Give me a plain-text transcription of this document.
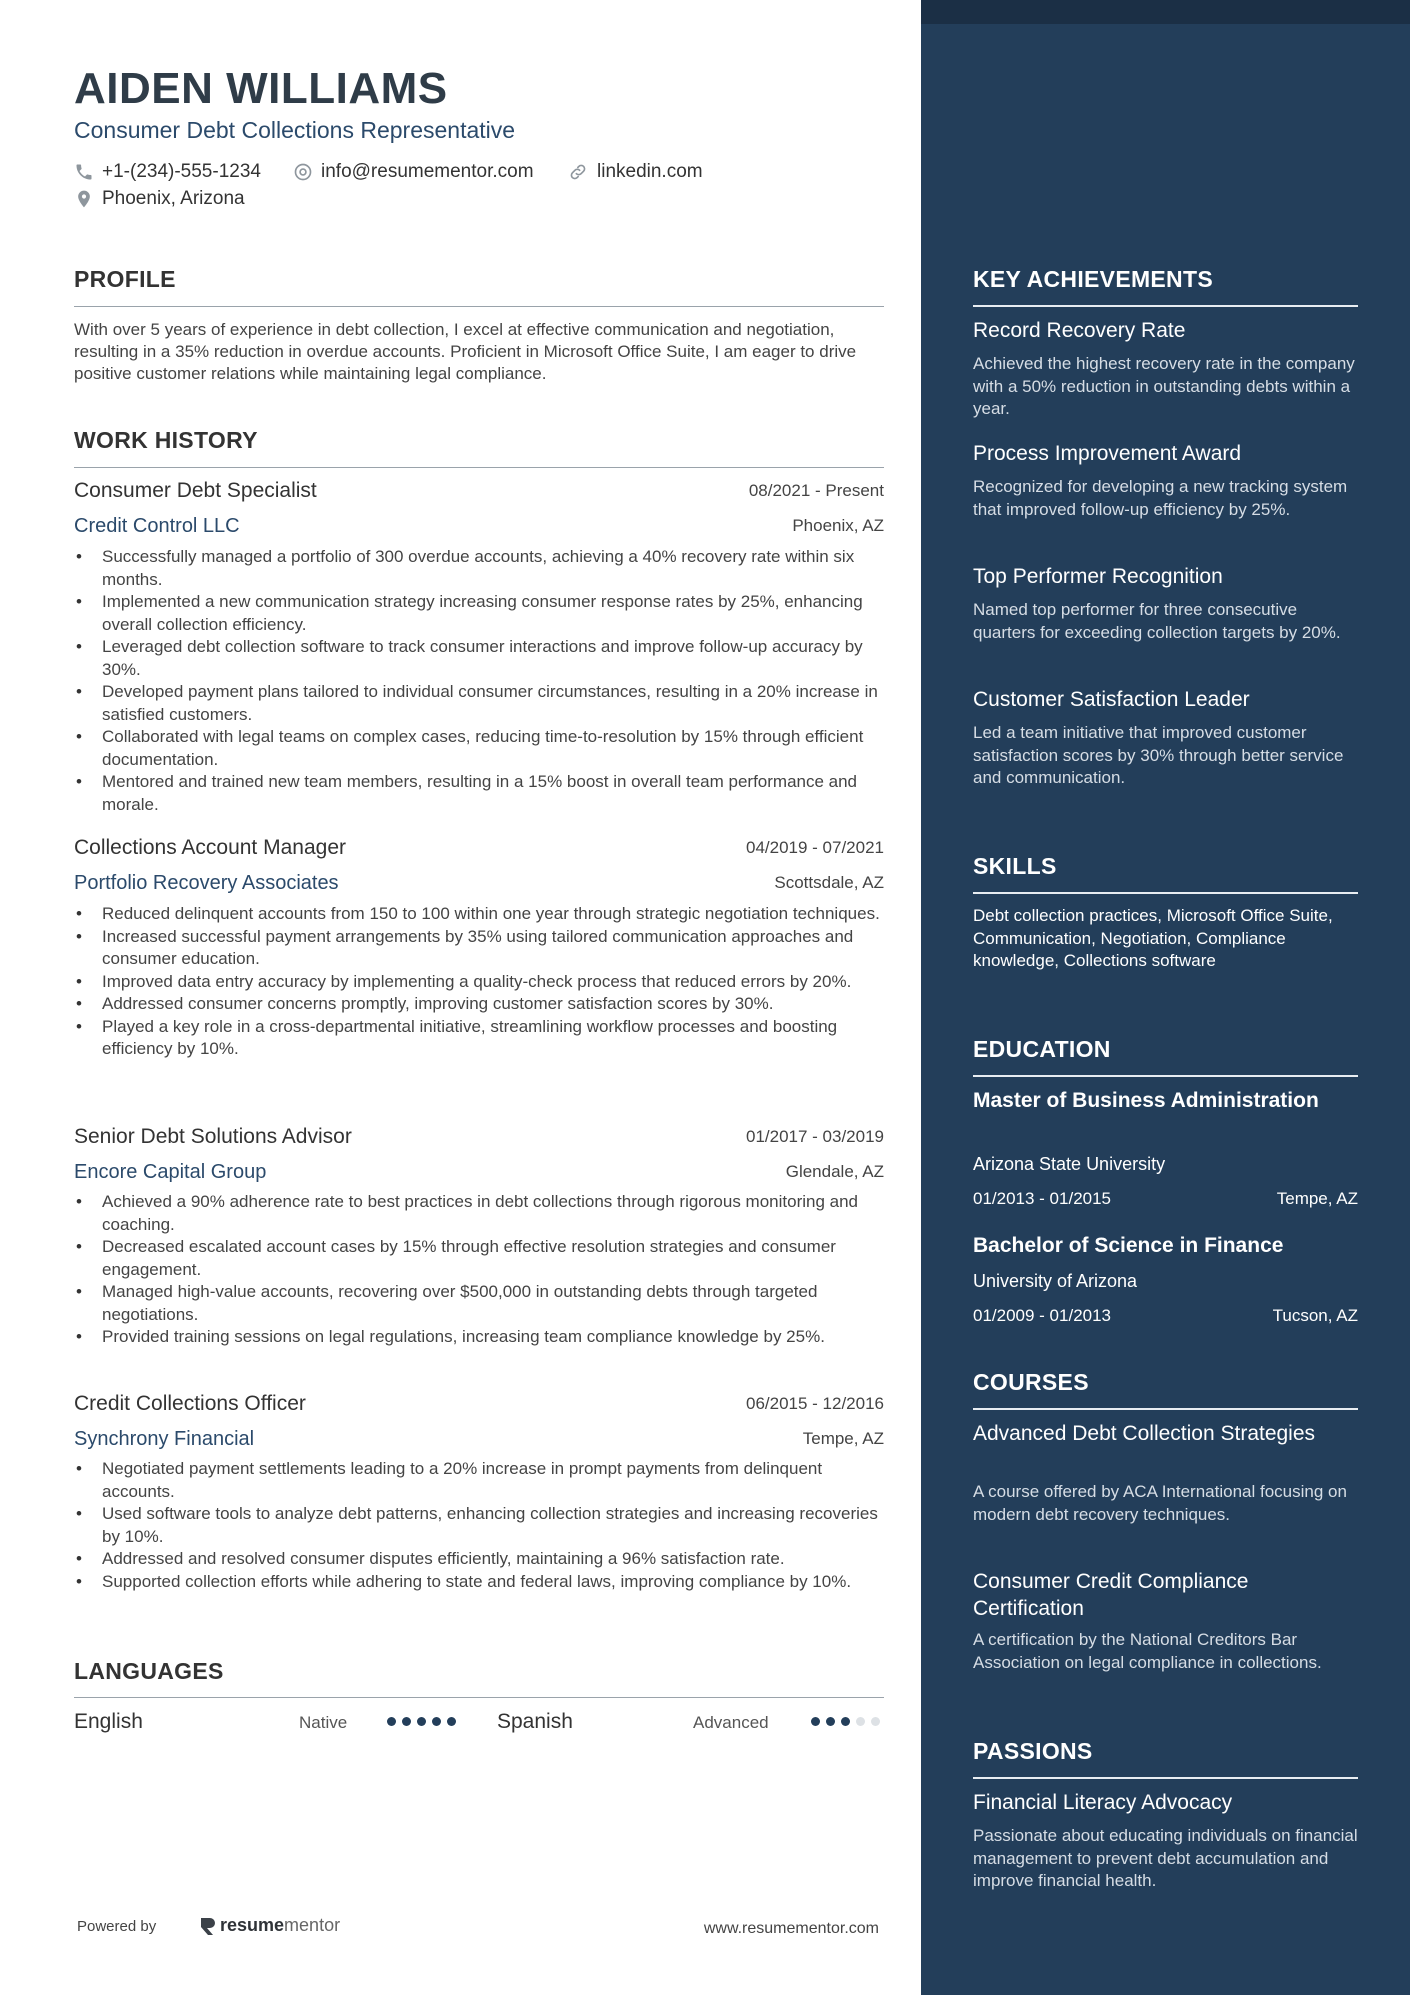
KEY ACHIEVEMENTS
Record Recovery Rate
Achieved the highest recovery rate in the company with a 50% reduction in outstanding debts within a year.
Process Improvement Award
Recognized for developing a new tracking system that improved follow-up efficiency by 25%.
Top Performer Recognition
Named top performer for three consecutive quarters for exceeding collection targets by 20%.
Customer Satisfaction Leader
Led a team initiative that improved customer satisfaction scores by 30% through better service and communication.
SKILLS
Debt collection practices, Microsoft Office Suite, Communication, Negotiation, Compliance knowledge, Collections software
EDUCATION
Master of Business Administration
Arizona State University
01/2013 - 01/2015	Tempe, AZ
Bachelor of Science in Finance
University of Arizona
01/2009 - 01/2013	Tucson, AZ
COURSES
Advanced Debt Collection Strategies
A course offered by ACA International focusing on modern debt recovery techniques.
Consumer Credit Compliance Certification
A certification by the National Creditors Bar Association on legal compliance in collections.
PASSIONS
Financial Literacy Advocacy
Passionate about educating individuals on financial management to prevent debt accumulation and improve financial health.
AIDEN WILLIAMS
Consumer Debt Collections Representative
+1-(234)-555-1234	info@resumementor.com	linkedin.com
Phoenix, Arizona
PROFILE

With over 5 years of experience in debt collection, I excel at effective communication and negotiation, resulting in a 35% reduction in overdue accounts. Proficient in Microsoft Office Suite, I am eager to drive positive customer relations while maintaining legal compliance.

WORK HISTORY
Consumer Debt Specialist	08/2021 - Present
Credit Control LLC	Phoenix, AZ
• Successfully managed a portfolio of 300 overdue accounts, achieving a 40% recovery rate within six months.
• Implemented a new communication strategy increasing consumer response rates by 25%, enhancing overall collection efficiency.
• Leveraged debt collection software to track consumer interactions and improve follow-up accuracy by 30%.
• Developed payment plans tailored to individual consumer circumstances, resulting in a 20% increase in satisfied customers.
• Collaborated with legal teams on complex cases, reducing time-to-resolution by 15% through efficient documentation.
• Mentored and trained new team members, resulting in a 15% boost in overall team performance and morale.
Collections Account Manager	04/2019 - 07/2021
Portfolio Recovery Associates	Scottsdale, AZ
• Reduced delinquent accounts from 150 to 100 within one year through strategic negotiation techniques.
• Increased successful payment arrangements by 35% using tailored communication approaches and consumer education.
• Improved data entry accuracy by implementing a quality-check process that reduced errors by 20%.
• Addressed consumer concerns promptly, improving customer satisfaction scores by 30%.
• Played a key role in a cross-departmental initiative, streamlining workflow processes and boosting efficiency by 10%.
Senior Debt Solutions Advisor	01/2017 - 03/2019
Encore Capital Group	Glendale, AZ
• Achieved a 90% adherence rate to best practices in debt collections through rigorous monitoring and coaching.
• Decreased escalated account cases by 15% through effective resolution strategies and consumer engagement.
• Managed high-value accounts, recovering over $500,000 in outstanding debts through targeted negotiations.
• Provided training sessions on legal regulations, increasing team compliance knowledge by 25%.
Credit Collections Officer	06/2015 - 12/2016
Synchrony Financial	Tempe, AZ
• Negotiated payment settlements leading to a 20% increase in prompt payments from delinquent accounts.
• Used software tools to analyze debt patterns, enhancing collection strategies and increasing recoveries by 10%.
• Addressed and resolved consumer disputes efficiently, maintaining a 96% satisfaction rate.
• Supported collection efforts while adhering to state and federal laws, improving compliance by 10%.
LANGUAGES
English	Native	Spanish	Advanced
Powered by	resume mentor	www.resumementor.com
